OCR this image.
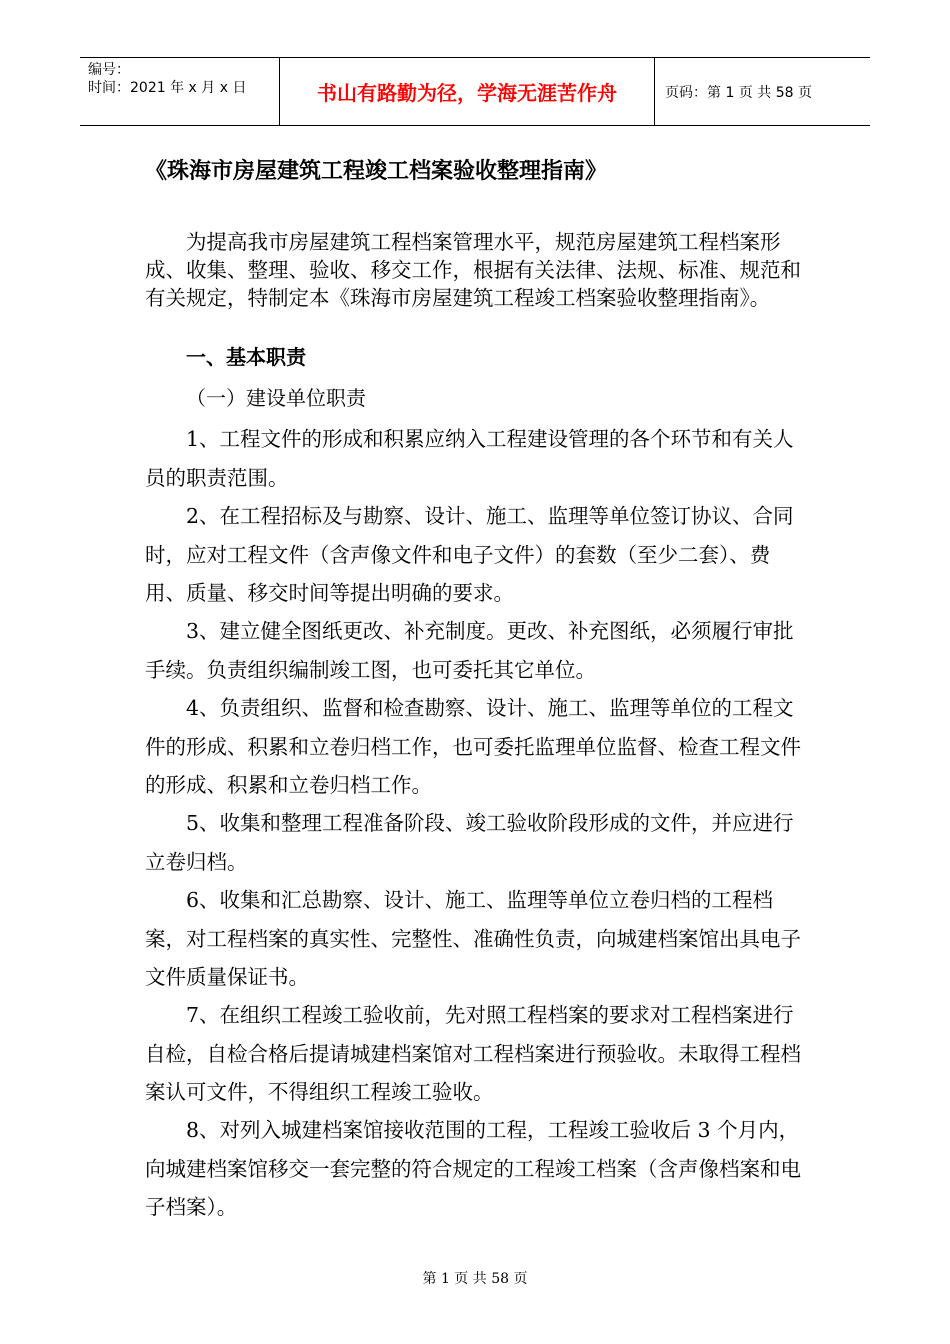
编号：
时间：2021 年 x 月 x 日	书山有路勤为径，学海无涯苦作舟	页码：第 1 页 共 58 页
《珠海市房屋建筑工程竣工档案验收整理指南》

为提高我市房屋建筑工程档案管理水平，规范房屋建筑工程档案形成、收集、整理、验收、移交工作，根据有关法律、法规、标准、规范和有关规定，特制定本《珠海市房屋建筑工程竣工档案验收整理指南》。

一、基本职责

（一）建设单位职责

1、工程文件的形成和积累应纳入工程建设管理的各个环节和有关人员的职责范围。

2、在工程招标及与勘察、设计、施工、监理等单位签订协议、合同时，应对工程文件（含声像文件和电子文件）的套数（至少二套）、费用、质量、移交时间等提出明确的要求。

3、建立健全图纸更改、补充制度。更改、补充图纸，必须履行审批手续。负责组织编制竣工图，也可委托其它单位。

4、负责组织、监督和检查勘察、设计、施工、监理等单位的工程文件的形成、积累和立卷归档工作，也可委托监理单位监督、检查工程文件的形成、积累和立卷归档工作。

5、收集和整理工程准备阶段、竣工验收阶段形成的文件，并应进行立卷归档。

6、收集和汇总勘察、设计、施工、监理等单位立卷归档的工程档案，对工程档案的真实性、完整性、准确性负责，向城建档案馆出具电子文件质量保证书。

7、在组织工程竣工验收前，先对照工程档案的要求对工程档案进行自检，自检合格后提请城建档案馆对工程档案进行预验收。未取得工程档案认可文件，不得组织工程竣工验收。

8、对列入城建档案馆接收范围的工程，工程竣工验收后 3 个月内，向城建档案馆移交一套完整的符合规定的工程竣工档案（含声像档案和电子档案）。

第 1 页 共 58 页
